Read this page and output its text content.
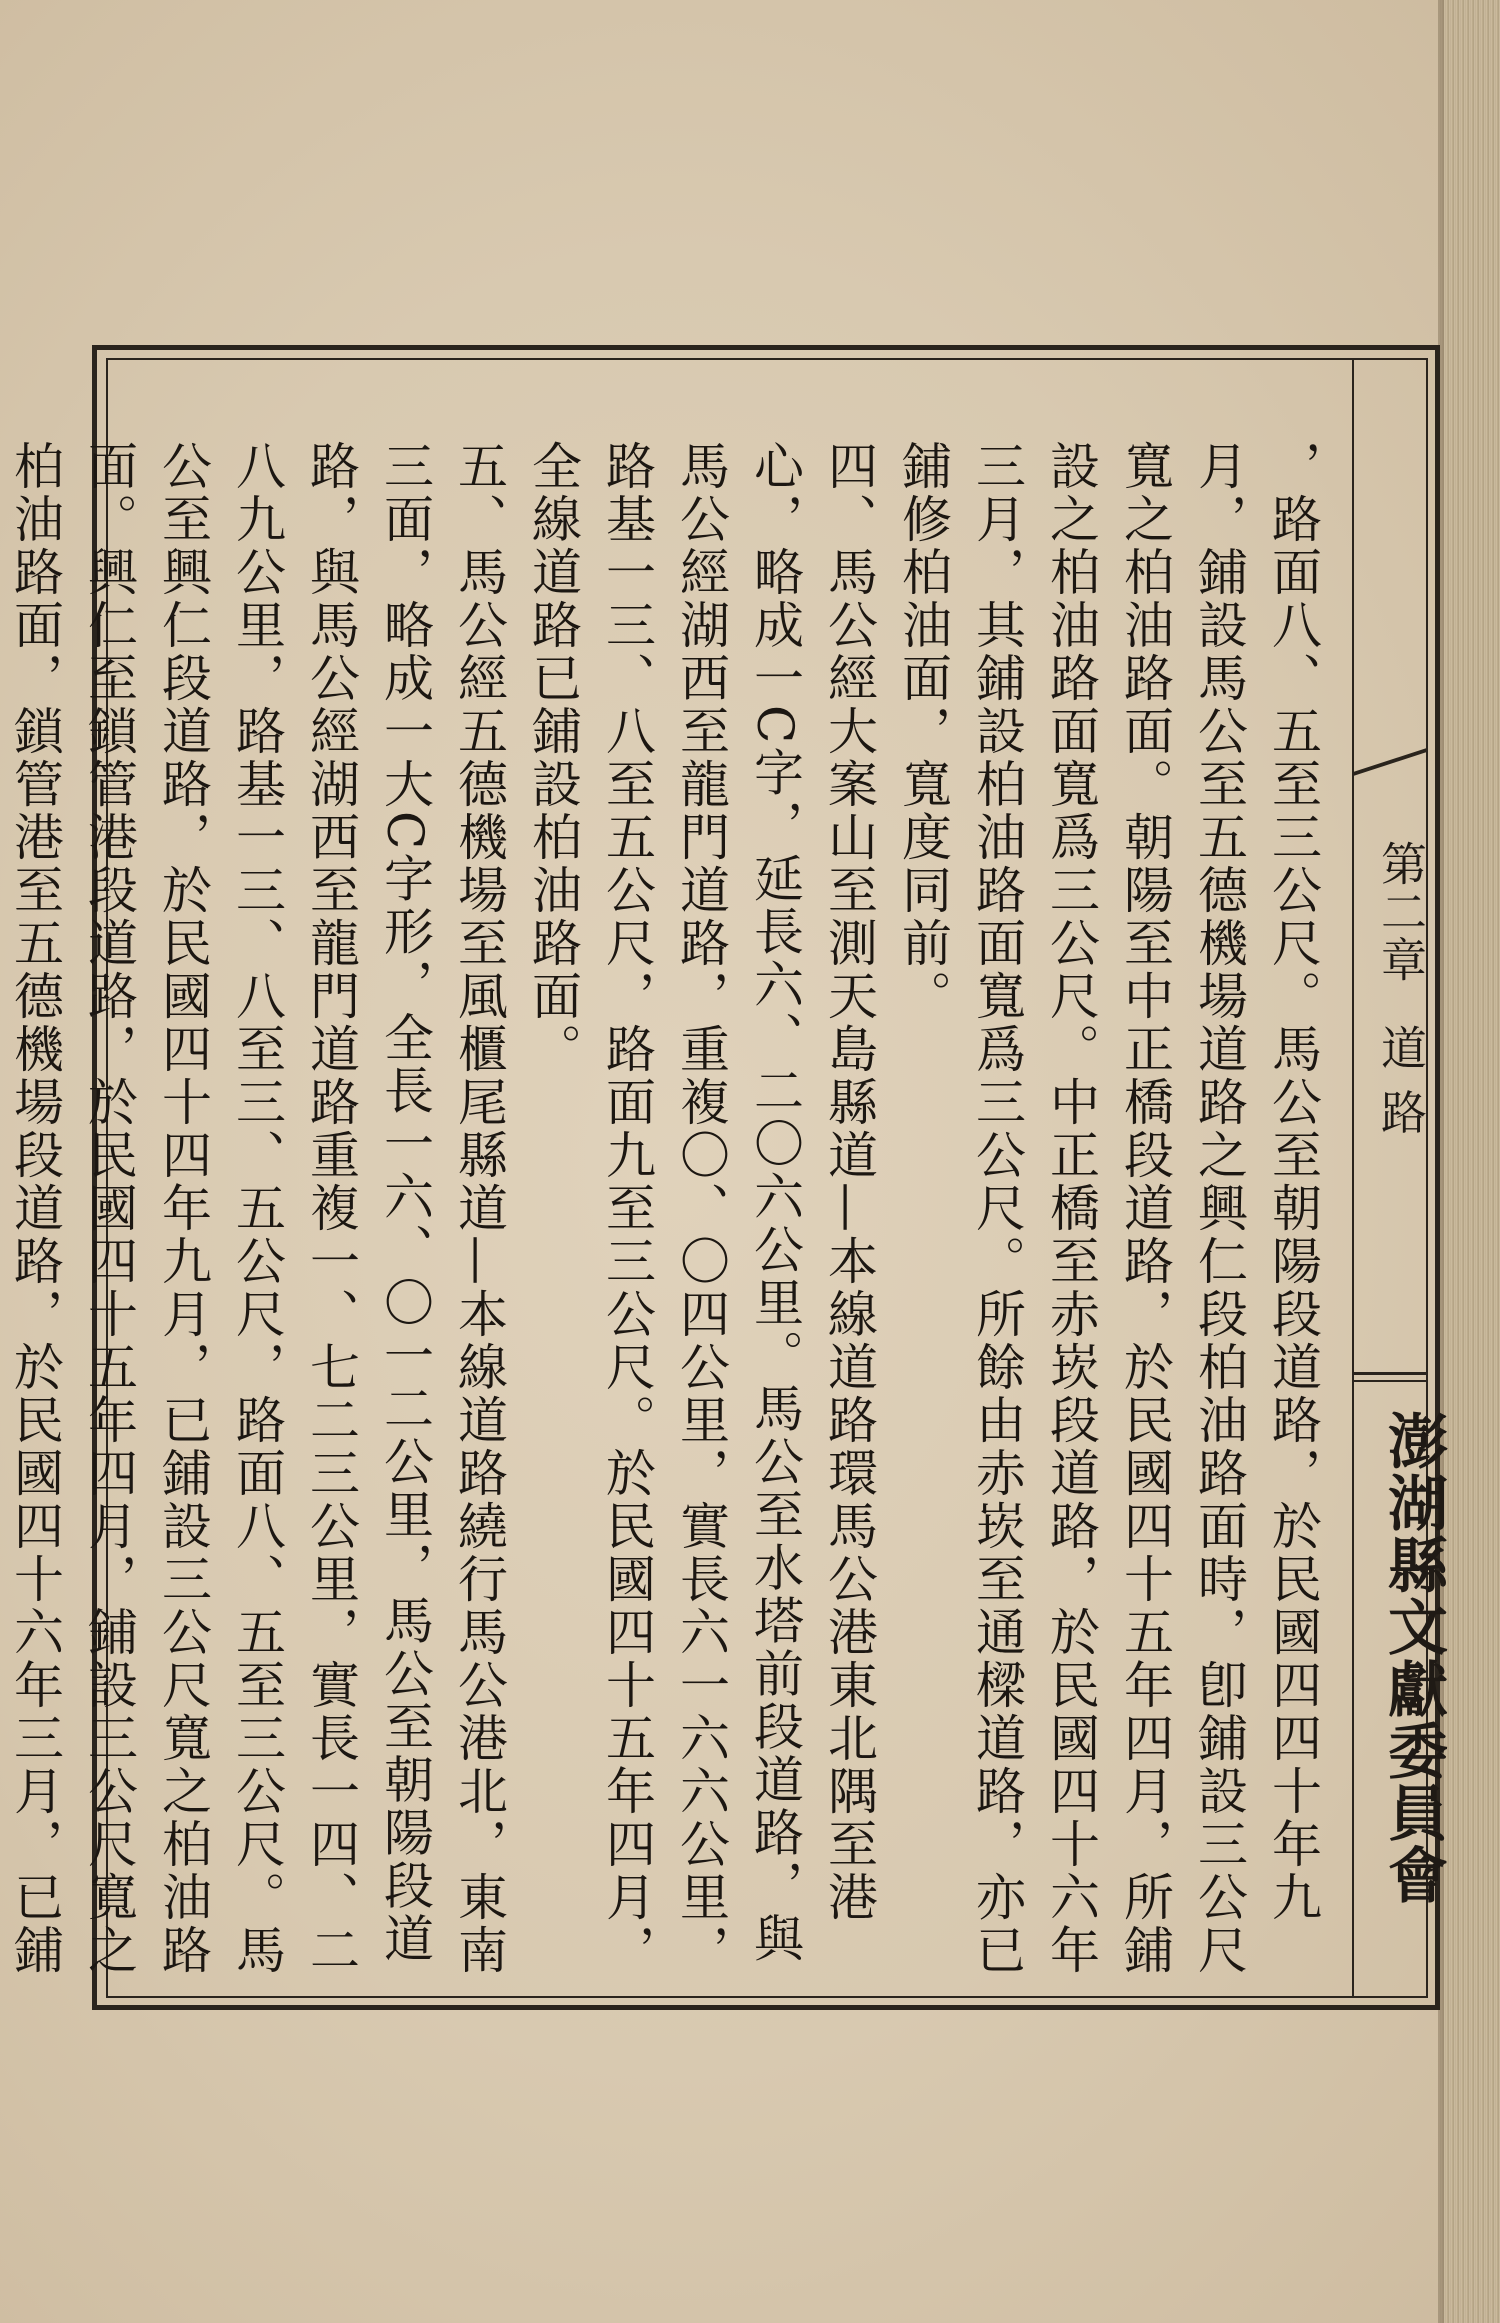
第二章道 路
澎湖縣文獻委員會

，路面八、五至三公尺。馬公至朝陽段道路，於民國四四十年九月，鋪設馬公至五德機場道路之興仁段柏油路面時，卽鋪設三公尺寬之柏油路面。朝陽至中正橋段道路，於民國四十五年四月，所鋪設之柏油路面寬爲三公尺。中正橋至赤崁段道路，於民國四十六年三月，其鋪設柏油路面寬爲三公尺。所餘由赤崁至通樑道路，亦已鋪修柏油面，寬度同前。

四、馬公經大案山至測天島縣道—本線道路環馬公港東北隅至港心，略成一C字，延長六、二〇六公里。馬公至水塔前段道路，與馬公經湖西至龍門道路，重複〇、〇四公里，實長六一六六公里，路基一三、八至五公尺，路面九至三公尺。於民國四十五年四月，全線道路已鋪設柏油路面。

五、馬公經五德機場至風櫃尾縣道—本線道路繞行馬公港北，東南三面，略成一大C字形，全長一六、〇一二公里，馬公至朝陽段道路，與馬公經湖西至龍門道路重複一、七二三公里，實長一四、二八九公里，路基一三、八至三、五公尺，路面八、五至三公尺。馬公至興仁段道路，於民國四十四年九月，已鋪設三公尺寬之柏油路面。興仁至鎖管港段道路，於民國四十五年四月，鋪設三公尺寬之柏油路面，鎖管港至五德機場段道路，於民國四十六年三月，已鋪
